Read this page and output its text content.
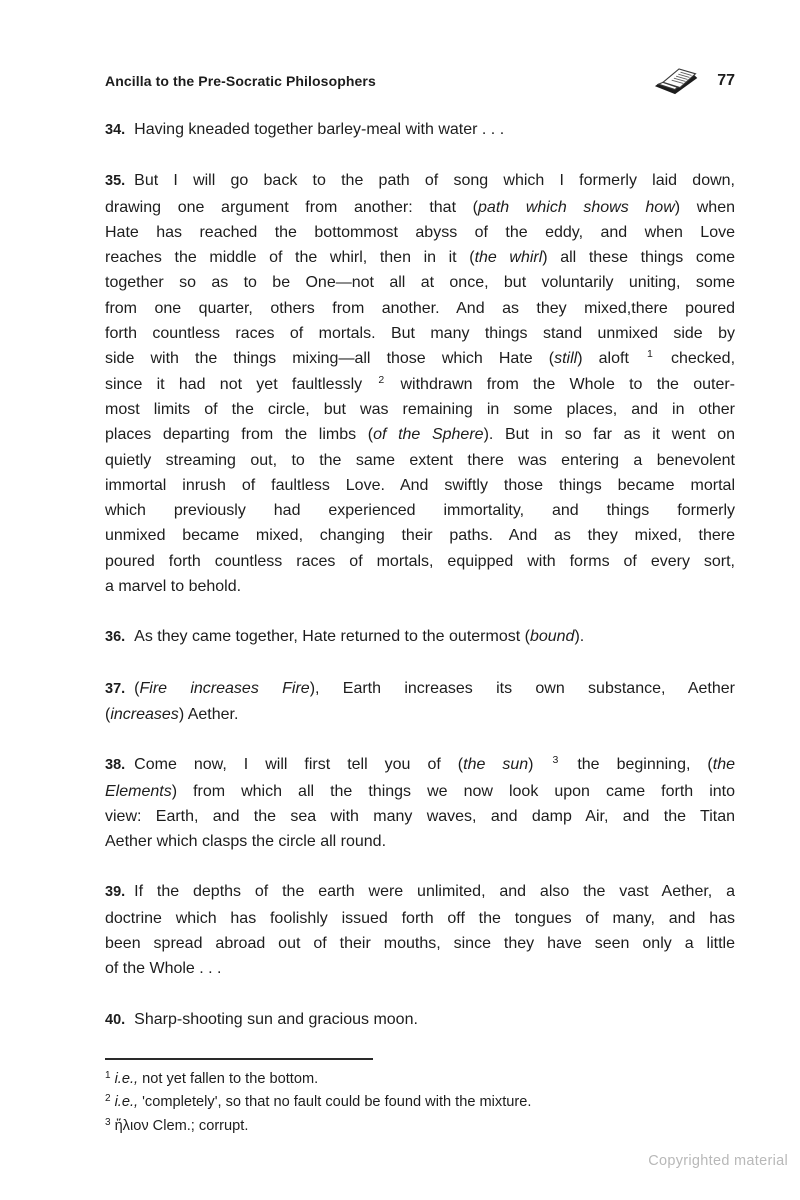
Ancilla to the Pre-Socratic Philosophers	77
34. Having kneaded together barley-meal with water . . .
35. But I will go back to the path of song which I formerly laid down,
drawing one argument from another: that (path which shows how) when
Hate has reached the bottommost abyss of the eddy, and when Love
reaches the middle of the whirl, then in it (the whirl) all these things come
together so as to be One—not all at once, but voluntarily uniting, some
from one quarter, others from another. And as they mixed,there poured
forth countless races of mortals. But many things stand unmixed side by
side with the things mixing—all those which Hate (still) aloft $^1$ checked,
since it had not yet faultlessly $^2$ withdrawn from the Whole to the outer-
most limits of the circle, but was remaining in some places, and in other
places departing from the limbs (of the Sphere). But in so far as it went on
quietly streaming out, to the same extent there was entering a benevolent
immortal inrush of faultless Love. And swiftly those things became mortal
which previously had experienced immortality, and things formerly
unmixed became mixed, changing their paths. And as they mixed, there
poured forth countless races of mortals, equipped with forms of every sort,
a marvel to behold.
36. As they came together, Hate returned to the outermost (bound).
37. (Fire increases Fire), Earth increases its own substance, Aether
(increases) Aether.
38. Come now, I will first tell you of (the sun) $^3$ the beginning, (the
Elements) from which all the things we now look upon came forth into
view: Earth, and the sea with many waves, and damp Air, and the Titan
Aether which clasps the circle all round.
39. If the depths of the earth were unlimited, and also the vast Aether, a
doctrine which has foolishly issued forth off the tongues of many, and has
been spread abroad out of their mouths, since they have seen only a little
of the Whole . . .
40. Sharp-shooting sun and gracious moon.
$^1$ i.e., not yet fallen to the bottom.
$^2$ i.e., 'completely', so that no fault could be found with the mixture.
$^3$ ἥλιον Clem.; corrupt.
Copyrighted material
